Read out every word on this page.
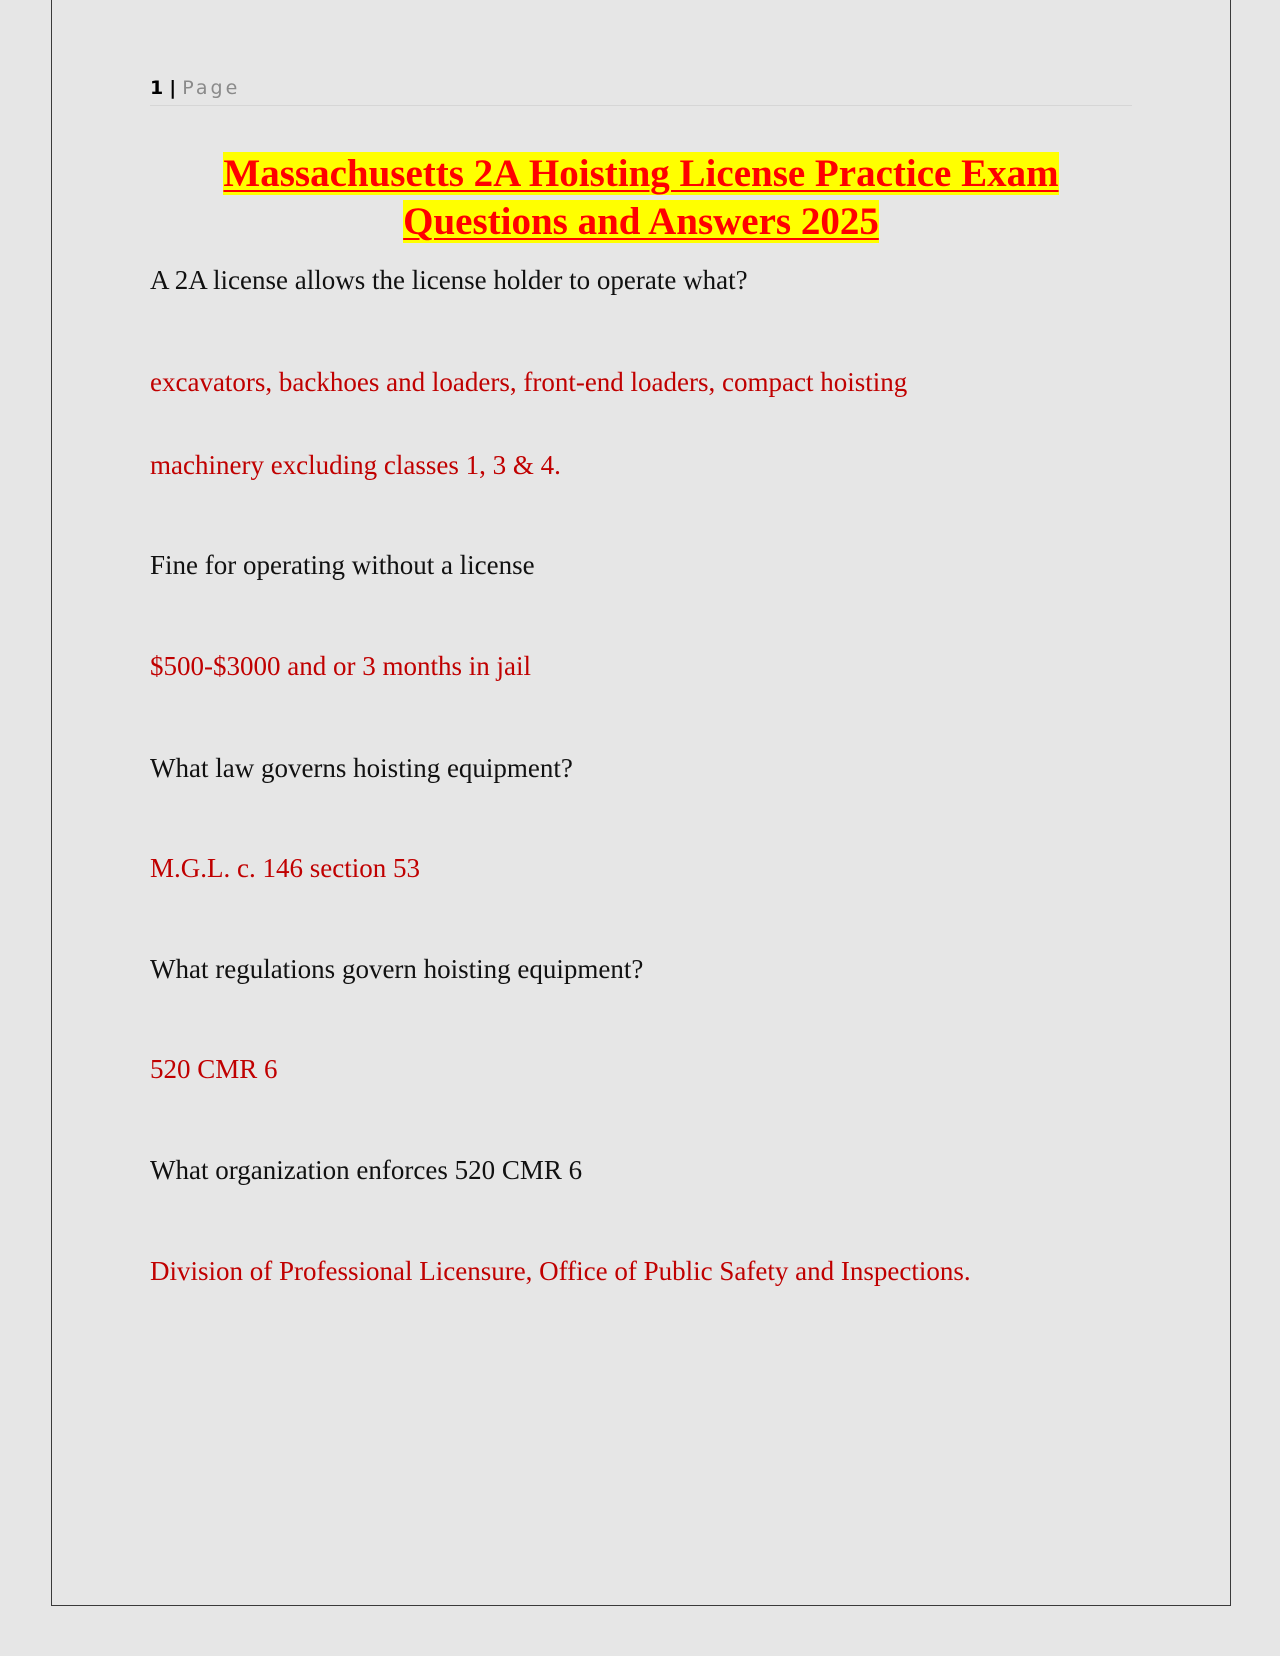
1 | Page
Massachusetts 2A Hoisting License Practice Exam
Questions and Answers 2025
A 2A license allows the license holder to operate what?
excavators, backhoes and loaders, front-end loaders, compact hoisting
machinery excluding classes 1, 3 & 4.
Fine for operating without a license
$500-$3000 and or 3 months in jail
What law governs hoisting equipment?
M.G.L. c. 146 section 53
What regulations govern hoisting equipment?
520 CMR 6
What organization enforces 520 CMR 6
Division of Professional Licensure, Office of Public Safety and Inspections.
